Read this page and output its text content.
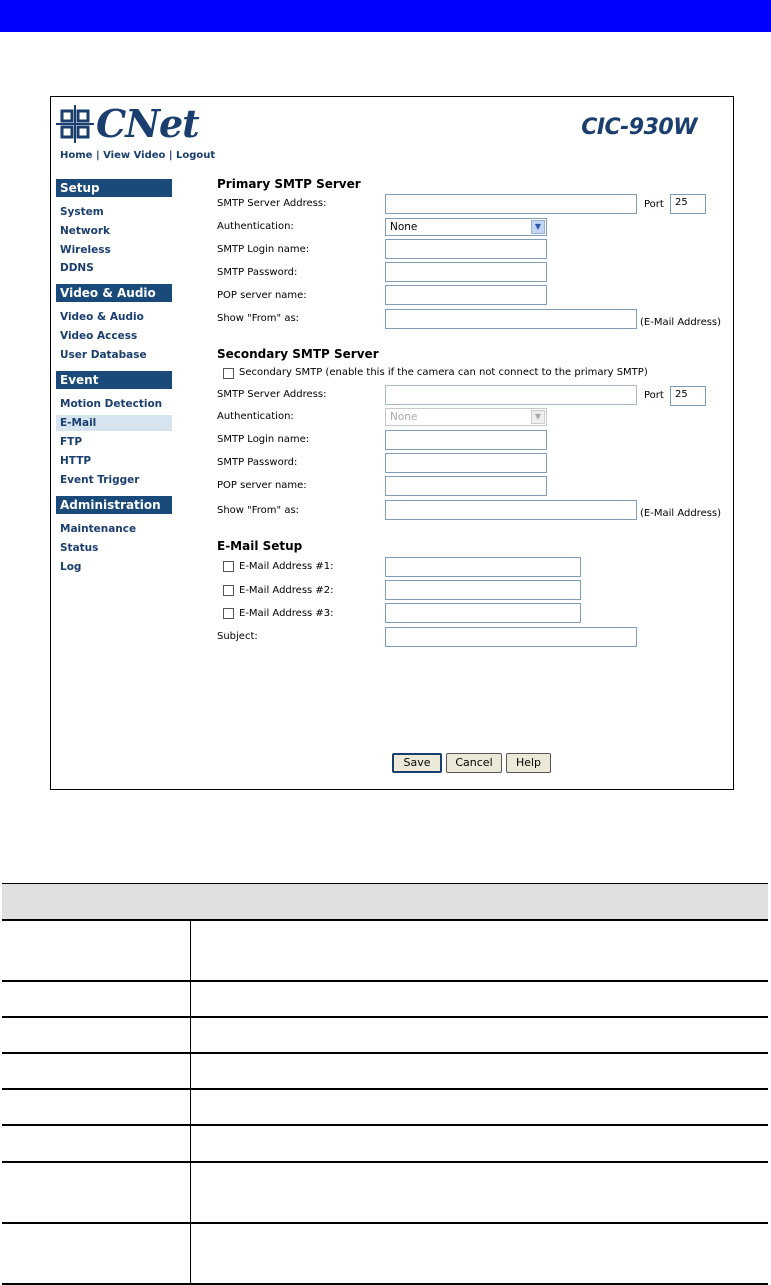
CNet	CIC-930W
Home | View Video | Logout
Setup
System
Network
Wireless
DDNS
Video & Audio
Video & Audio
Video Access
User Database
Event
Motion Detection
E-Mail
FTP
HTTP
Event Trigger
Administration
Maintenance
Status
Log
Primary SMTP Server
SMTP Server Address:	Port	25
Authentication:	None	▼
SMTP Login name:
SMTP Password:
POP server name:
Show "From" as:	(E-Mail Address)
Secondary SMTP Server
Secondary SMTP (enable this if the camera can not connect to the primary SMTP)
SMTP Server Address:	Port	25
Authentication:	None	▼
SMTP Login name:
SMTP Password:
POP server name:
Show "From" as:	(E-Mail Address)
E-Mail Setup
E-Mail Address #1:
E-Mail Address #2:
E-Mail Address #3:
Subject:
Save	Cancel	Help
